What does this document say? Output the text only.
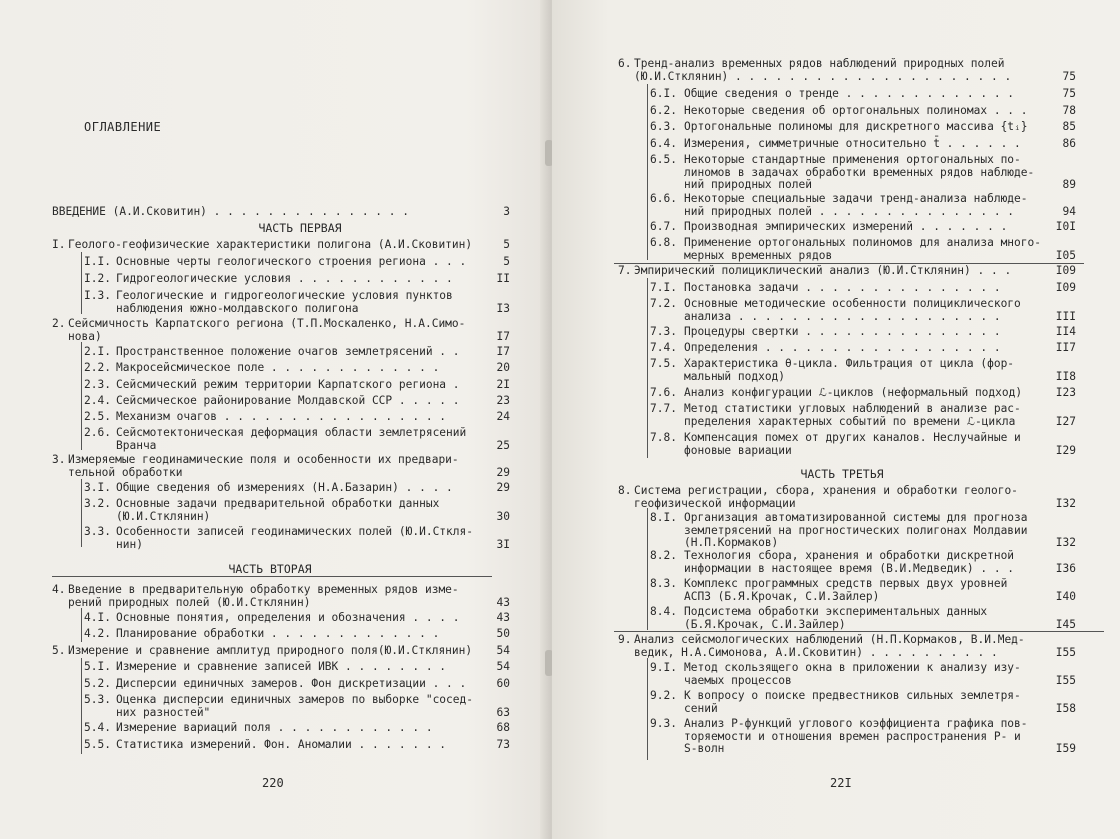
ОГЛАВЛЕНИЕ
ВВЕДЕНИЕ (А.И.Сковитин) . . . . . . . . . . . . . . .	3
ЧАСТЬ ПЕРВАЯ
I. Геолого-геофизические характеристики полигона (А.И.Сковитин)	5
I.I. Основные черты геологического строения региона . . .	5
I.2. Гидрогеологические условия . . . . . . . . . . . .	II
I.3. Геологические и гидрогеологические условия пунктов
наблюдения южно-молдавского полигона	I3
2. Сейсмичность Карпатского региона (Т.П.Москаленко, Н.А.Симо-
нова)	I7
2.I. Пространственное положение очагов землетрясений . .	I7
2.2. Макросейсмическое поле . . . . . . . . . . . . .	20
2.3. Сейсмический режим территории Карпатского региона .	2I
2.4. Сейсмическое районирование Молдавской ССР . . . . .	23
2.5. Механизм очагов . . . . . . . . . . . . . . . . .	24
2.6. Сейсмотектоническая деформация области землетрясений
Вранча	25
3. Измеряемые геодинамические поля и особенности их предвари-
тельной обработки	29
3.I. Общие сведения об измерениях (Н.А.Базарин) . . . .	29
3.2. Основные задачи предварительной обработки данных
(Ю.И.Стклянин)	30
3.3. Особенности записей геодинамических полей (Ю.И.Сткля-
нин)	3I
ЧАСТЬ ВТОРАЯ
4. Введение в предварительную обработку временных рядов изме-
рений природных полей (Ю.И.Стклянин)	43
4.I. Основные понятия, определения и обозначения . . . .	43
4.2. Планирование обработки . . . . . . . . . . . . .	50
5. Измерение и сравнение амплитуд природного поля(Ю.И.Стклянин)	54
5.I. Измерение и сравнение записей ИВК . . . . . . . .	54
5.2. Дисперсии единичных замеров. Фон дискретизации . . .	60
5.3. Оценка дисперсии единичных замеров по выборке "сосед-
них разностей"	63
5.4. Измерение вариаций поля . . . . . . . . . . . .	68
5.5. Статистика измерений. Фон. Аномалии . . . . . . .	73
220
6. Тренд-анализ временных рядов наблюдений природных полей
(Ю.И.Стклянин) . . . . . . . . . . . . . . . . . . . . .	75
6.I. Общие сведения о тренде . . . . . . . . . . . . .	75
6.2. Некоторые сведения об ортогональных полиномах . . .	78
6.3. Ортогональные полиномы для дискретного массива {tᵢ}	85
6.4. Измерения, симметричные относительно t̄ . . . . . .	86
6.5. Некоторые стандартные применения ортогональных по-
линомов в задачах обработки временных рядов наблюде-
ний природных полей	89
6.6. Некоторые специальные задачи тренд-анализа наблюде-
ний природных полей . . . . . . . . . . . . . . .	94
6.7. Производная эмпирических измерений . . . . . . .	I0I
6.8. Применение ортогональных полиномов для анализа много-
мерных временных рядов	I05
7. Эмпирический полициклический анализ (Ю.И.Стклянин) . . .	I09
7.I. Постановка задачи . . . . . . . . . . . . . . .	I09
7.2. Основные методические особенности полициклического
анализа . . . . . . . . . . . . . . . . . . . .	III
7.3. Процедуры свертки . . . . . . . . . . . . . . .	II4
7.4. Определения . . . . . . . . . . . . . . . . . .	II7
7.5. Характеристика θ-цикла. Фильтрация от цикла (фор-
мальный подход)	II8
7.6. Анализ конфигурации ℒ-циклов (неформальный подход)	I23
7.7. Метод статистики угловых наблюдений в анализе рас-
пределения характерных событий по времени ℒ-цикла	I27
7.8. Компенсация помех от других каналов. Неслучайные и
фоновые вариации	I29
ЧАСТЬ ТРЕТЬЯ
8. Система регистрации, сбора, хранения и обработки геолого-
геофизической информации	I32
8.I. Организация автоматизированной системы для прогноза
землетрясений на прогностических полигонах Молдавии
(Н.П.Кормаков)	I32
8.2. Технология сбора, хранения и обработки дискретной
информации в настоящее время (В.И.Медведик) . . .	I36
8.3. Комплекс программных средств первых двух уровней
АСПЗ (Б.Я.Крочак, С.И.Зайлер)	I40
8.4. Подсистема обработки экспериментальных данных
(Б.Я.Крочак, С.И.Зайлер)	I45
9. Анализ сейсмологических наблюдений (Н.П.Кормаков, В.И.Мед-
ведик, Н.А.Симонова, А.И.Сковитин) . . . . . . . . . .	I55
9.I. Метод скользящего окна в приложении к анализу изу-
чаемых процессов	I55
9.2. К вопросу о поиске предвестников сильных землетря-
сений	I58
9.3. Анализ Р-функций углового коэффициента графика пов-
торяемости и отношения времен распространения Р- и
S-волн	I59
22I
